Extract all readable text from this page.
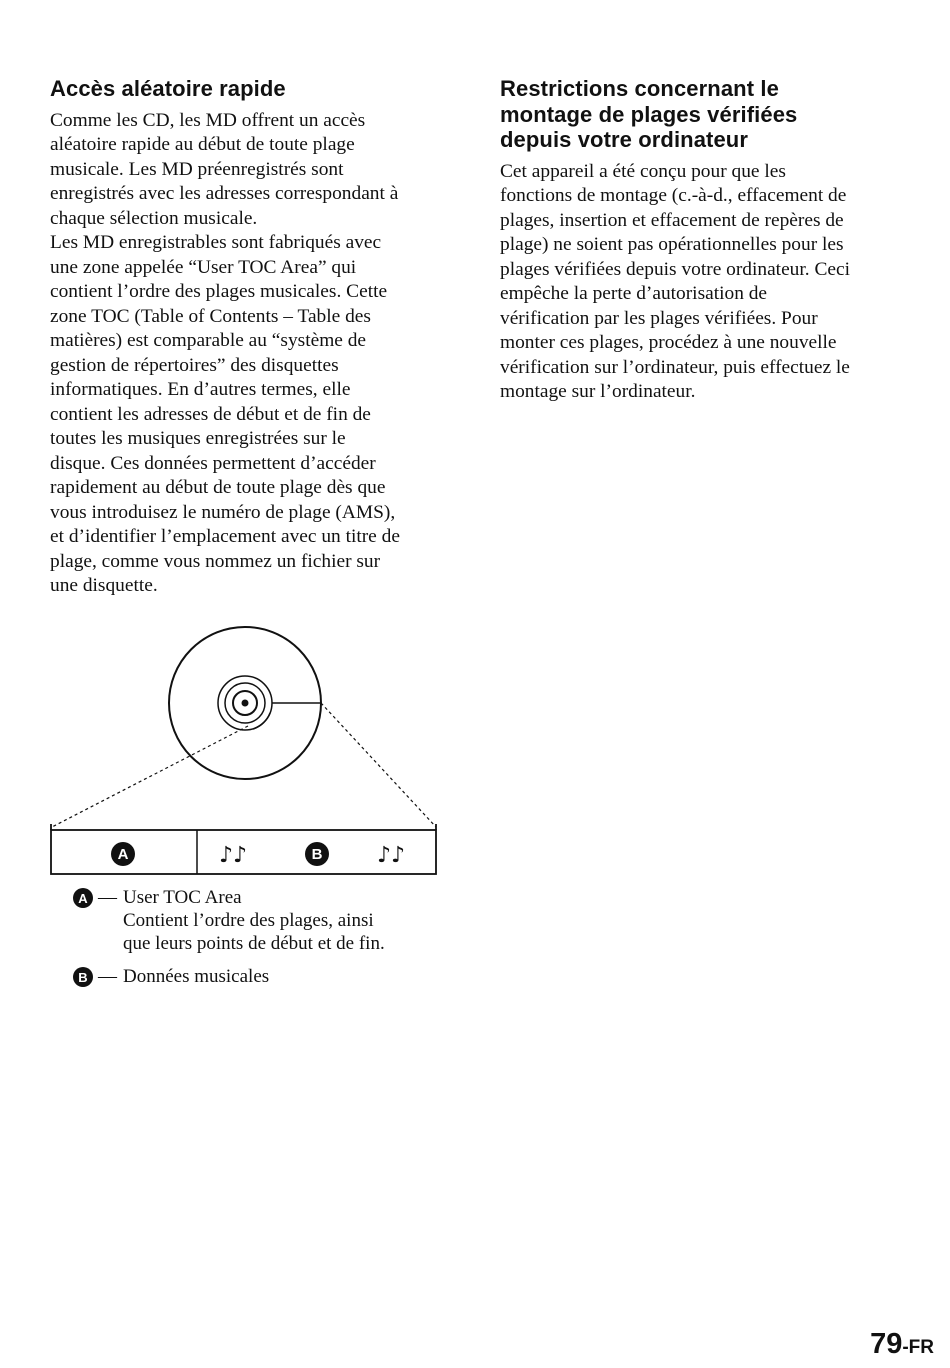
Accès aléatoire rapide

Comme les CD, les MD offrent un accès
aléatoire rapide au début de toute plage
musicale. Les MD préenregistrés sont
enregistrés avec les adresses correspondant à
chaque sélection musicale.
Les MD enregistrables sont fabriqués avec
une zone appelée “User TOC Area” qui
contient l’ordre des plages musicales. Cette
zone TOC (Table of Contents – Table des
matières) est comparable au “système de
gestion de répertoires” des disquettes
informatiques. En d’autres termes, elle
contient les adresses de début et de fin de
toutes les musiques enregistrées sur le
disque. Ces données permettent d’accéder
rapidement au début de toute plage dès que
vous introduisez le numéro de plage (AMS),
et d’identifier l’emplacement avec un titre de
plage, comme vous nommez un fichier sur
une disquette.

Restrictions concernant le
montage de plages vérifiées
depuis votre ordinateur

Cet appareil a été conçu pour que les
fonctions de montage (c.-à-d., effacement de
plages, insertion et effacement de repères de
plage) ne soient pas opérationnelles pour les
plages vérifiées depuis votre ordinateur. Ceci
empêche la perte d’autorisation de
vérification par les plages vérifiées. Pour
monter ces plages, procédez à une nouvelle
vérification sur l’ordinateur, puis effectuez le
montage sur l’ordinateur.

A	♪♪	B ♪♪
A — User TOC Area
Contient l’ordre des plages, ainsi
que leurs points de début et de fin.
B — Données musicales
79-FR
